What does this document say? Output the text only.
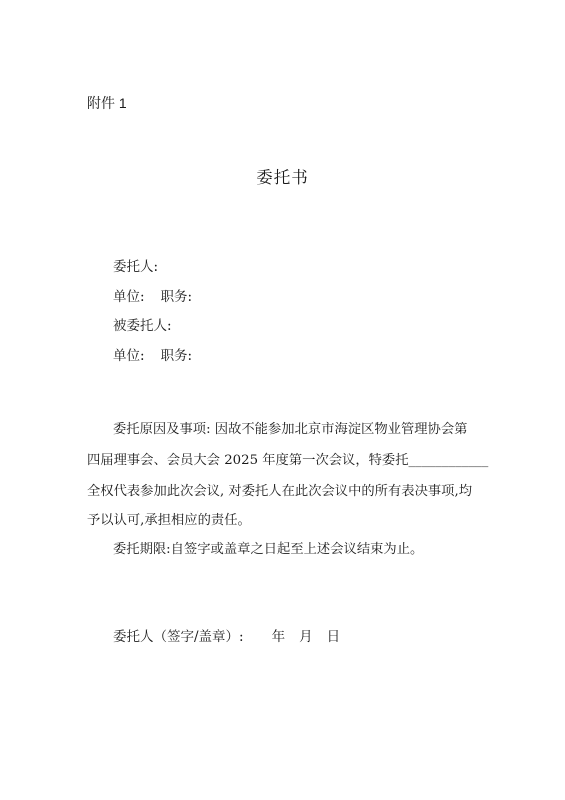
附件 1
委托书
委托人:
单位: 职务:
被委托人:
单位: 职务:
委托原因及事项: 因故不能参加北京市海淀区物业管理协会第
四届理事会、会员大会 2025 年度第一次会议，特委托____________
全权代表参加此次会议, 对委托人在此次会议中的所有表决事项,均
予以认可,承担相应的责任。
委托期限:自签字或盖章之日起至上述会议结束为止。
委托人（签字/盖章）: 年 月 日
